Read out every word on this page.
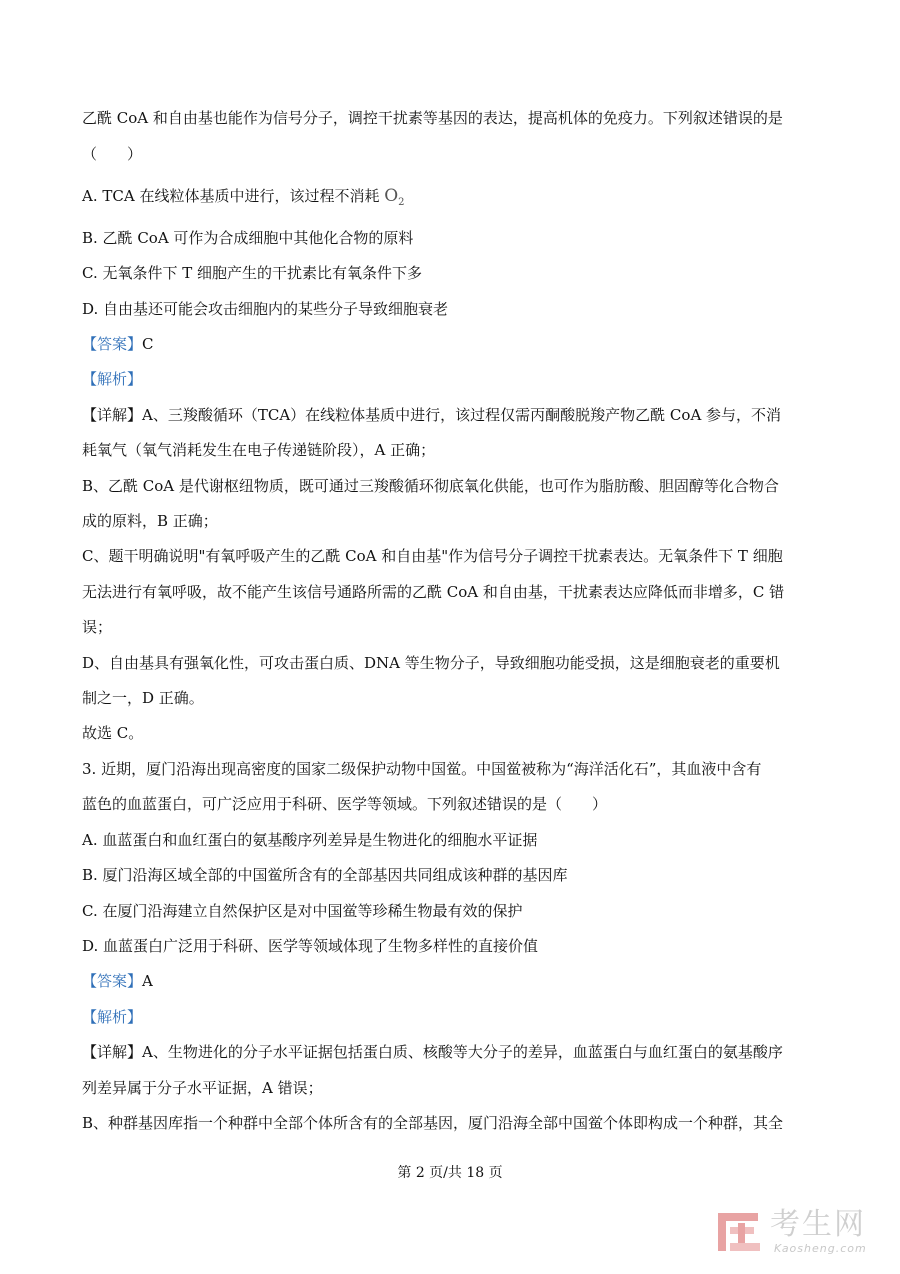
乙酰 CoA 和自由基也能作为信号分子，调控干扰素等基因的表达，提高机体的免疫力。下列叙述错误的是
（　　）
A. TCA 在线粒体基质中进行，该过程不消耗 $O_2$
B. 乙酰 CoA 可作为合成细胞中其他化合物的原料
C. 无氧条件下 T 细胞产生的干扰素比有氧条件下多
D. 自由基还可能会攻击细胞内的某些分子导致细胞衰老
【答案】C
【解析】
【详解】A、三羧酸循环（TCA）在线粒体基质中进行，该过程仅需丙酮酸脱羧产物乙酰 CoA 参与，不消
耗氧气（氧气消耗发生在电子传递链阶段），A 正确；
B、乙酰 CoA 是代谢枢纽物质，既可通过三羧酸循环彻底氧化供能，也可作为脂肪酸、胆固醇等化合物合
成的原料，B 正确；
C、题干明确说明"有氧呼吸产生的乙酰 CoA 和自由基"作为信号分子调控干扰素表达。无氧条件下 T 细胞
无法进行有氧呼吸，故不能产生该信号通路所需的乙酰 CoA 和自由基，干扰素表达应降低而非增多，C 错
误；
D、自由基具有强氧化性，可攻击蛋白质、DNA 等生物分子，导致细胞功能受损，这是细胞衰老的重要机
制之一，D 正确。
故选 C。
3. 近期，厦门沿海出现高密度的国家二级保护动物中国鲎。中国鲎被称为“海洋活化石”，其血液中含有
蓝色的血蓝蛋白，可广泛应用于科研、医学等领域。下列叙述错误的是（　　）
A. 血蓝蛋白和血红蛋白的氨基酸序列差异是生物进化的细胞水平证据
B. 厦门沿海区域全部的中国鲎所含有的全部基因共同组成该种群的基因库
C. 在厦门沿海建立自然保护区是对中国鲎等珍稀生物最有效的保护
D. 血蓝蛋白广泛用于科研、医学等领域体现了生物多样性的直接价值
【答案】A
【解析】
【详解】A、生物进化的分子水平证据包括蛋白质、核酸等大分子的差异，血蓝蛋白与血红蛋白的氨基酸序
列差异属于分子水平证据，A 错误；
B、种群基因库指一个种群中全部个体所含有的全部基因，厦门沿海全部中国鲎个体即构成一个种群，其全
第 2 页/共 18 页
考生网
Kaosheng.com
